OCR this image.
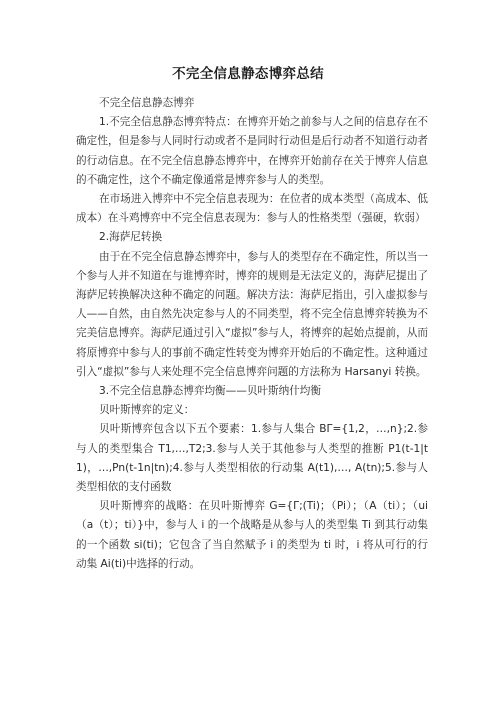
不完全信息静态博弈总结

不完全信息静态博弈

1.不完全信息静态博弈特点：在博弈开始之前参与人之间的信息存在不确定性，但是参与人同时行动或者不是同时行动但是后行动者不知道行动者的行动信息。在不完全信息静态博弈中，在博弈开始前存在关于博弈人信息的不确定性，这个不确定像通常是博弈参与人的类型。

在市场进入博弈中不完全信息表现为：在位者的成本类型（高成本、低成本）在斗鸡博弈中不完全信息表现为：参与人的性格类型（强硬，软弱）

2.海萨尼转换

由于在不完全信息静态博弈中，参与人的类型存在不确定性，所以当一个参与人并不知道在与谁博弈时，博弈的规则是无法定义的，海萨尼提出了海萨尼转换解决这种不确定的问题。解决方法：海萨尼指出，引入虚拟参与人——自然，由自然先决定参与人的不同类型，将不完全信息博弈转换为不完美信息博弈。海萨尼通过引入“虚拟”参与人，将博弈的起始点提前，从而将原博弈中参与人的事前不确定性转变为博弈开始后的不确定性。这种通过引入“虚拟”参与人来处理不完全信息博弈问题的方法称为 Harsanyi 转换。

3.不完全信息静态博弈均衡——贝叶斯纳什均衡

贝叶斯博弈的定义：

贝叶斯博弈包含以下五个要素：1.参与人集合 BΓ={1,2，…,n};2.参与人的类型集合 T1,…,T2;3.参与人关于其他参与人类型的推断 P1(t-1|t1)，…,Pn(t-1n|tn);4.参与人类型相依的行动集 A(t1),…, A(tn);5.参与人类型相依的支付函数

贝叶斯博弈的战略：在贝叶斯博弈 G={Γ;(Ti)；（Pi）；（A（ti）；（ui（a（t）；ti）}中，参与人 i 的一个战略是从参与人的类型集 Ti 到其行动集的一个函数 si(ti)；它包含了当自然赋予 i 的类型为 ti 时，i 将从可行的行动集 Ai(ti)中选择的行动。
